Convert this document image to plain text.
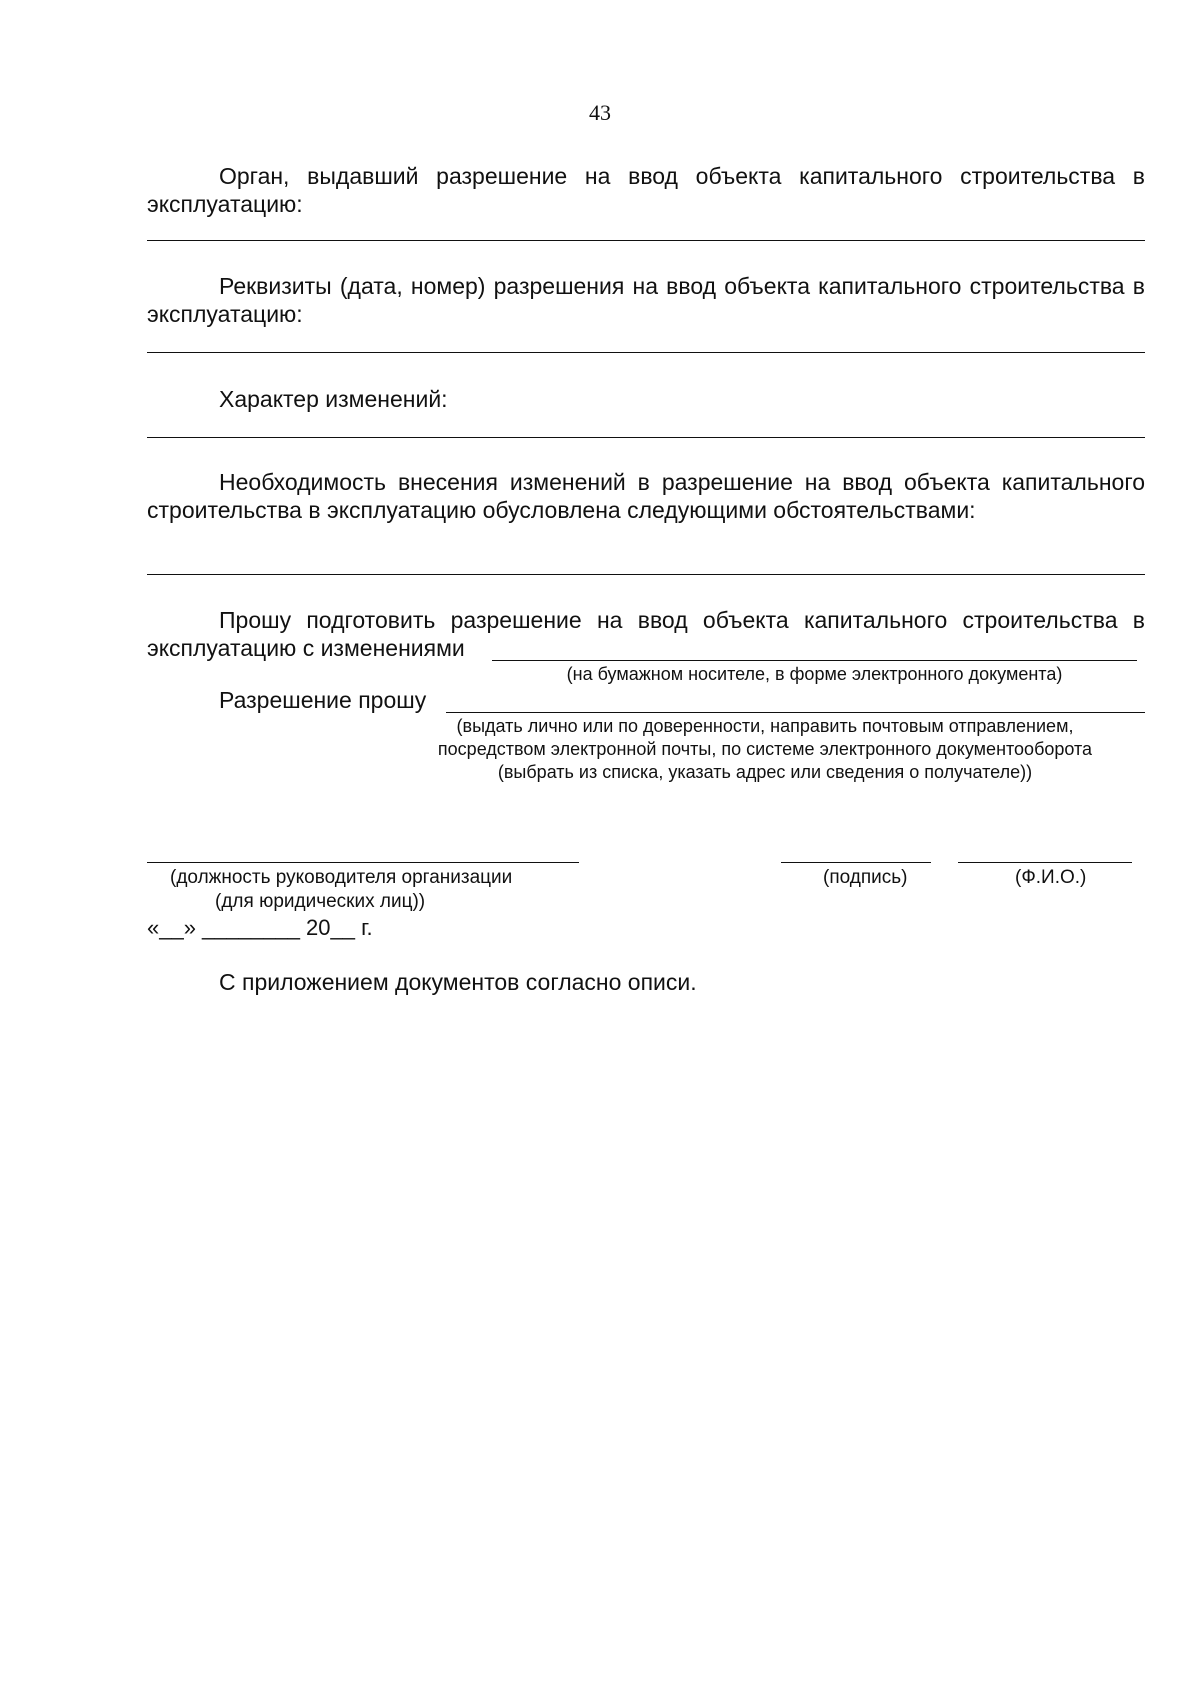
43

Орган, выдавший разрешение на ввод объекта капитального строительства в эксплуатацию:

Реквизиты (дата, номер) разрешения на ввод объекта капитального строительства в эксплуатацию:

Характер изменений:

Необходимость внесения изменений в разрешение на ввод объекта капитального строительства в эксплуатацию обусловлена следующими обстоятельствами:

Прошу подготовить разрешение на ввод объекта капитального строительства в

эксплуатацию с изменениями
(на бумажном носителе, в форме электронного документа)
Разрешение прошу
(выдать лично или по доверенности, направить почтовым отправлением,
посредством электронной почты, по системе электронного документооборота
(выбрать из списка, указать адрес или сведения о получателе))
(должность руководителя организации
(для юридических лиц))
(подпись)	(Ф.И.О.)
«__» ________ 20__ г.
С приложением документов согласно описи.
